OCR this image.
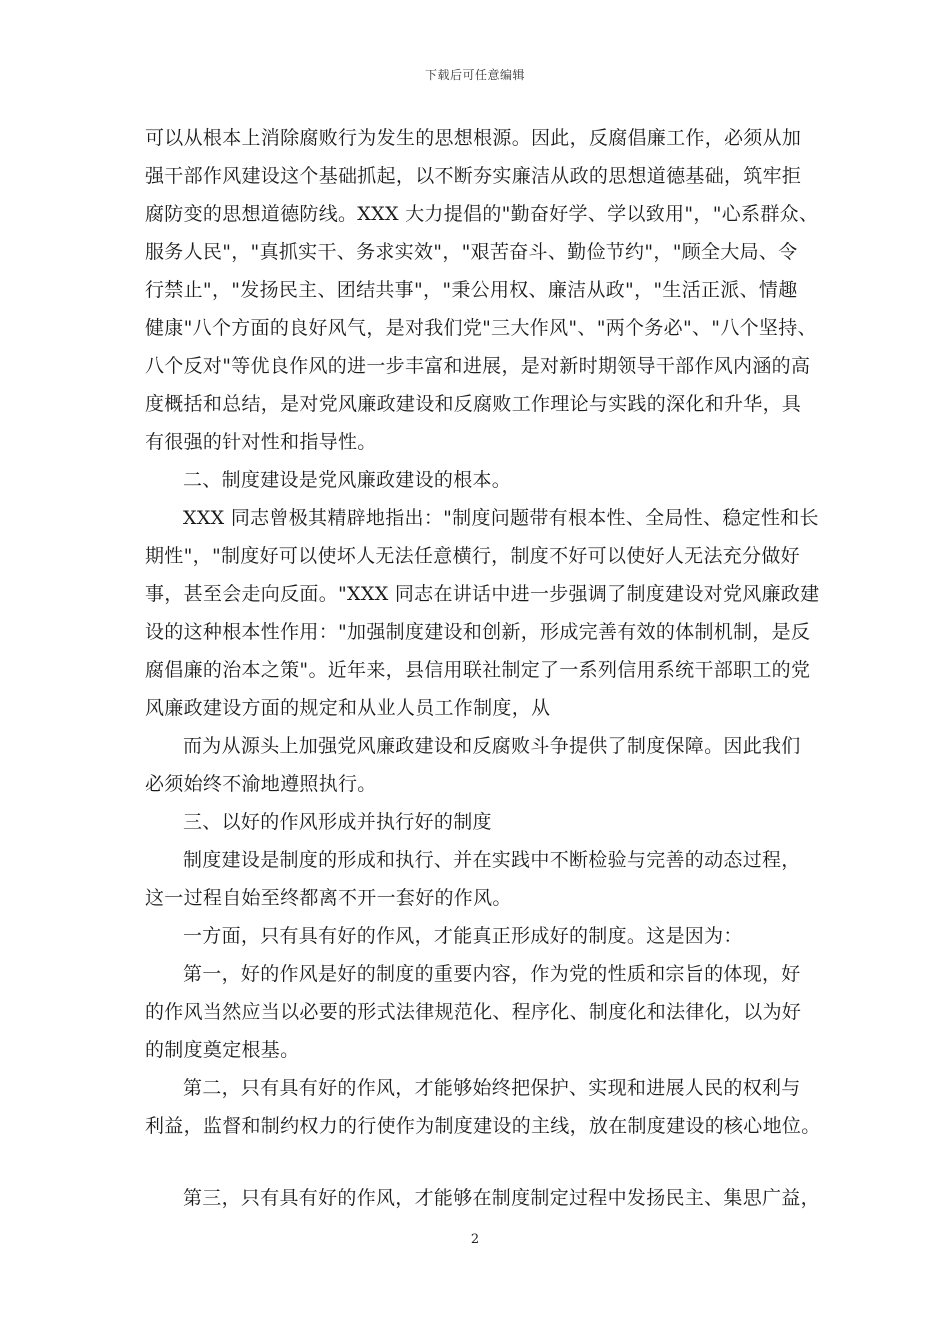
下载后可任意编辑
可以从根本上消除腐败行为发生的思想根源。因此，反腐倡廉工作，必须从加
强干部作风建设这个基础抓起，以不断夯实廉洁从政的思想道德基础，筑牢拒
腐防变的思想道德防线。XXX 大力提倡的"勤奋好学、学以致用"，"心系群众、
服务人民"，"真抓实干、务求实效"，"艰苦奋斗、勤俭节约"，"顾全大局、令
行禁止"，"发扬民主、团结共事"，"秉公用权、廉洁从政"，"生活正派、情趣
健康"八个方面的良好风气，是对我们党"三大作风"、"两个务必"、"八个坚持、
八个反对"等优良作风的进一步丰富和进展，是对新时期领导干部作风内涵的高
度概括和总结，是对党风廉政建设和反腐败工作理论与实践的深化和升华，具
有很强的针对性和指导性。
二、制度建设是党风廉政建设的根本。
XXX 同志曾极其精辟地指出："制度问题带有根本性、全局性、稳定性和长
期性"，"制度好可以使坏人无法任意横行，制度不好可以使好人无法充分做好
事，甚至会走向反面。"XXX 同志在讲话中进一步强调了制度建设对党风廉政建
设的这种根本性作用："加强制度建设和创新，形成完善有效的体制机制，是反
腐倡廉的治本之策"。近年来，县信用联社制定了一系列信用系统干部职工的党
风廉政建设方面的规定和从业人员工作制度，从
而为从源头上加强党风廉政建设和反腐败斗争提供了制度保障。因此我们
必须始终不渝地遵照执行。
三、以好的作风形成并执行好的制度
制度建设是制度的形成和执行、并在实践中不断检验与完善的动态过程，
这一过程自始至终都离不开一套好的作风。
一方面，只有具有好的作风，才能真正形成好的制度。这是因为：
第一，好的作风是好的制度的重要内容，作为党的性质和宗旨的体现，好
的作风当然应当以必要的形式法律规范化、程序化、制度化和法律化，以为好
的制度奠定根基。
第二，只有具有好的作风，才能够始终把保护、实现和进展人民的权利与
利益，监督和制约权力的行使作为制度建设的主线，放在制度建设的核心地位。
第三，只有具有好的作风，才能够在制度制定过程中发扬民主、集思广益，
2
